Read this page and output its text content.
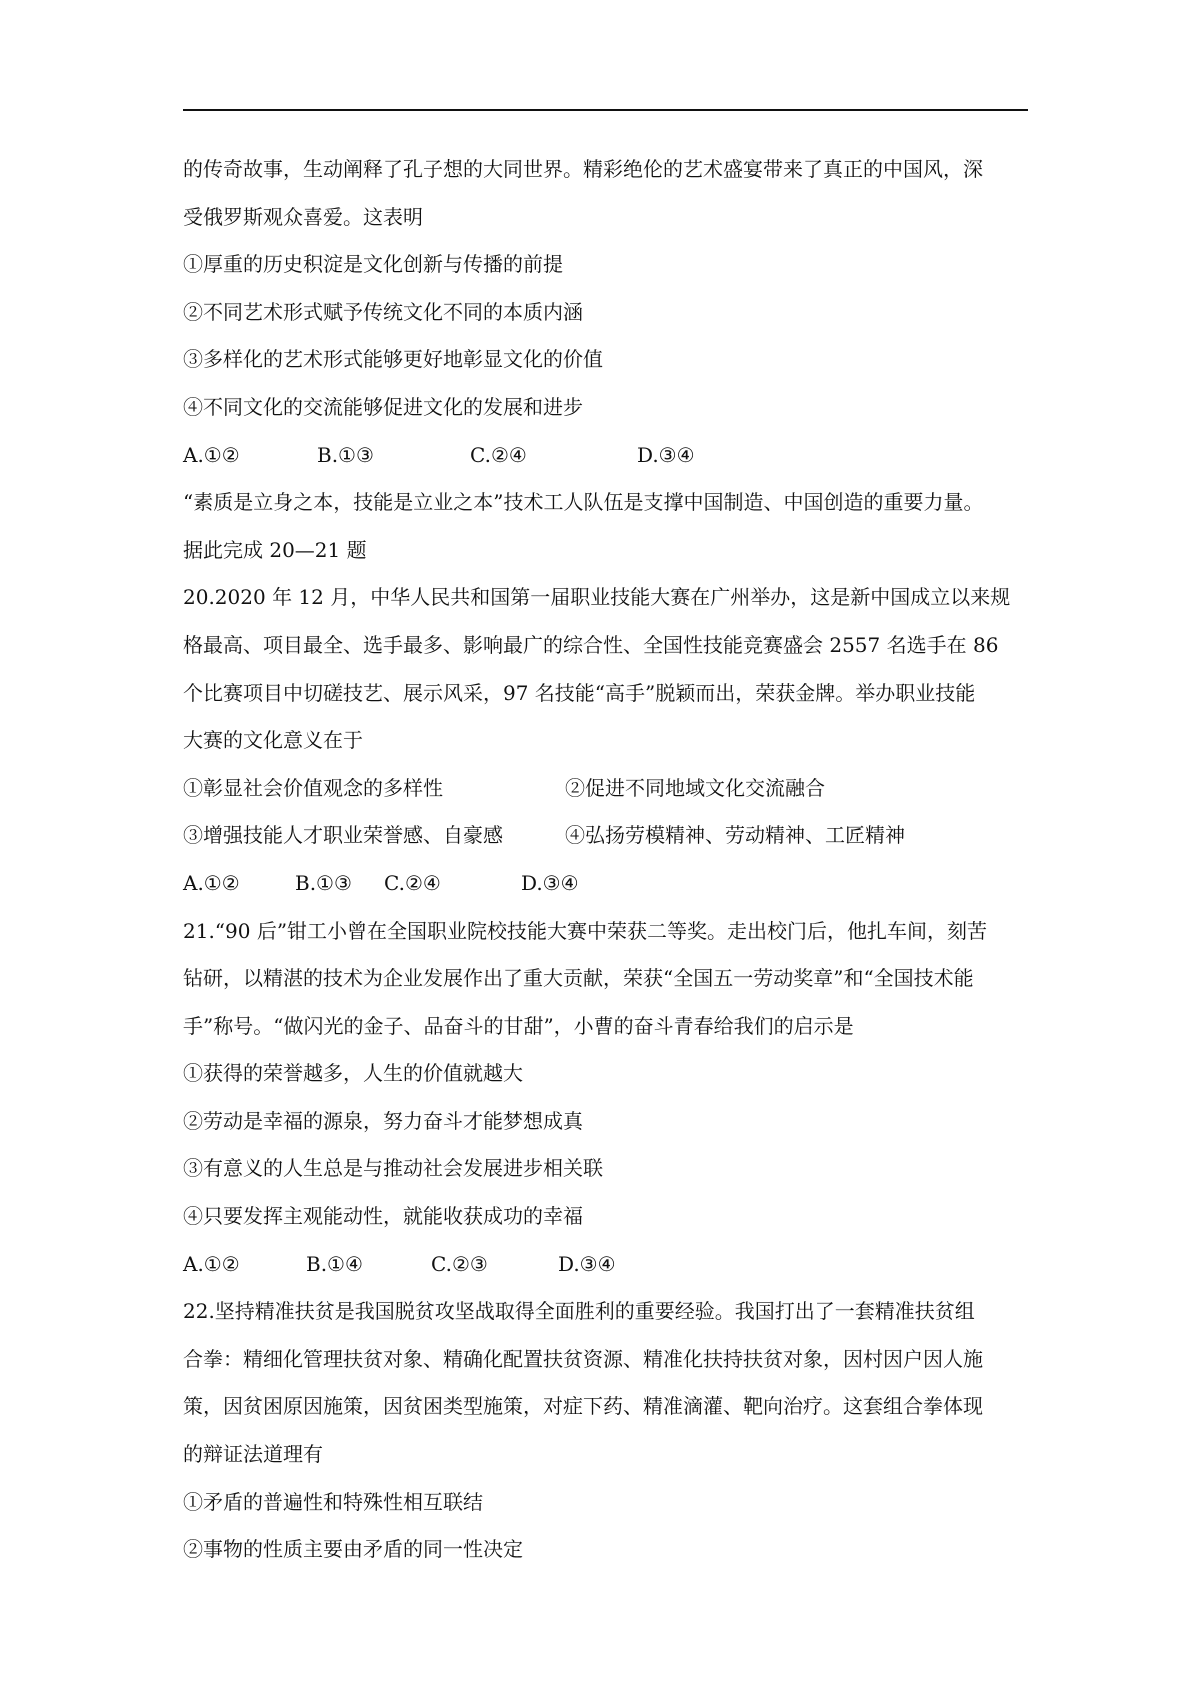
的传奇故事，生动阐释了孔子想的大同世界。精彩绝伦的艺术盛宴带来了真正的中国风，深
受俄罗斯观众喜爱。这表明
①厚重的历史积淀是文化创新与传播的前提
②不同艺术形式赋予传统文化不同的本质内涵
③多样化的艺术形式能够更好地彰显文化的价值
④不同文化的交流能够促进文化的发展和进步
A.①②	B.①③	C.②④	D.③④
“素质是立身之本，技能是立业之本”技术工人队伍是支撑中国制造、中国创造的重要力量。
据此完成 20—21 题
20.2020 年 12 月，中华人民共和国第一届职业技能大赛在广州举办，这是新中国成立以来规
格最高、项目最全、选手最多、影响最广的综合性、全国性技能竞赛盛会 2557 名选手在 86
个比赛项目中切磋技艺、展示风采，97 名技能“高手”脱颖而出，荣获金牌。举办职业技能
大赛的文化意义在于
①彰显社会价值观念的多样性	②促进不同地域文化交流融合
③增强技能人才职业荣誉感、自豪感	④弘扬劳模精神、劳动精神、工匠精神
A.①②	B.①③	C.②④	D.③④
21.“90 后”钳工小曾在全国职业院校技能大赛中荣获二等奖。走出校门后，他扎车间，刻苦
钻研，以精湛的技术为企业发展作出了重大贡献，荣获“全国五一劳动奖章”和“全国技术能
手”称号。“做闪光的金子、品奋斗的甘甜”，小曹的奋斗青春给我们的启示是
①获得的荣誉越多，人生的价值就越大
②劳动是幸福的源泉，努力奋斗才能梦想成真
③有意义的人生总是与推动社会发展进步相关联
④只要发挥主观能动性，就能收获成功的幸福
A.①②	B.①④	C.②③	D.③④
22.坚持精准扶贫是我国脱贫攻坚战取得全面胜利的重要经验。我国打出了一套精准扶贫组
合拳：精细化管理扶贫对象、精确化配置扶贫资源、精准化扶持扶贫对象，因村因户因人施
策，因贫困原因施策，因贫困类型施策，对症下药、精准滴灌、靶向治疗。这套组合拳体现
的辩证法道理有
①矛盾的普遍性和特殊性相互联结
②事物的性质主要由矛盾的同一性决定
